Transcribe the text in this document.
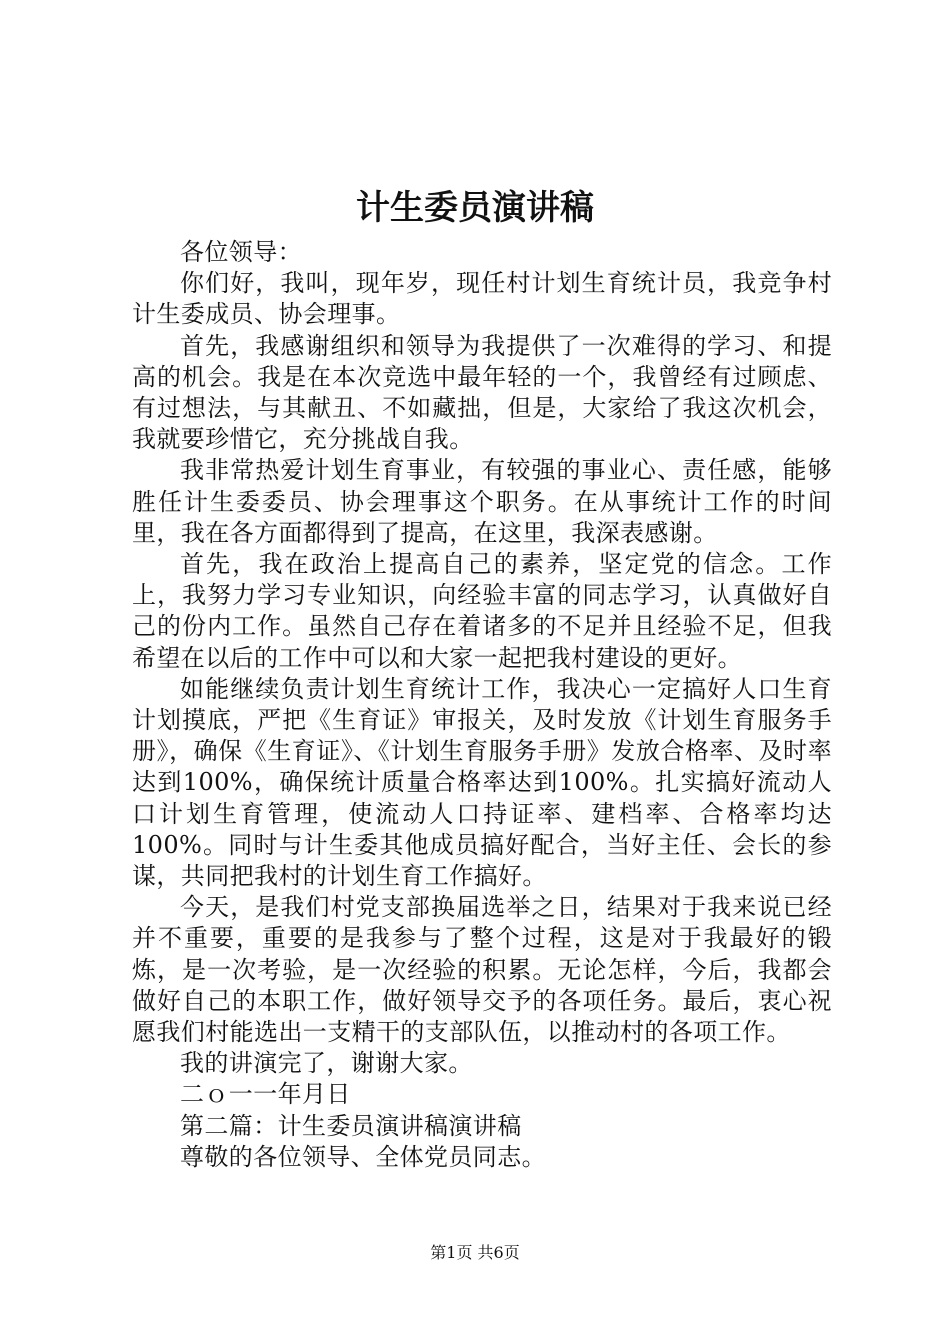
计生委员演讲稿

各位领导：

你们好，我叫，现年岁，现任村计划生育统计员，我竞争村计生委成员、协会理事。

首先，我感谢组织和领导为我提供了一次难得的学习、和提高的机会。我是在本次竞选中最年轻的一个，我曾经有过顾虑、有过想法，与其献丑、不如藏拙，但是，大家给了我这次机会，我就要珍惜它，充分挑战自我。

我非常热爱计划生育事业，有较强的事业心、责任感，能够胜任计生委委员、协会理事这个职务。在从事统计工作的时间里，我在各方面都得到了提高，在这里，我深表感谢。

首先，我在政治上提高自己的素养，坚定党的信念。工作上，我努力学习专业知识，向经验丰富的同志学习，认真做好自己的份内工作。虽然自己存在着诸多的不足并且经验不足，但我希望在以后的工作中可以和大家一起把我村建设的更好。

如能继续负责计划生育统计工作，我决心一定搞好人口生育计划摸底，严把《生育证》审报关，及时发放《计划生育服务手册》，确保《生育证》、《计划生育服务手册》发放合格率、及时率达到100%，确保统计质量合格率达到100%。扎实搞好流动人口计划生育管理，使流动人口持证率、建档率、合格率均达100%。同时与计生委其他成员搞好配合，当好主任、会长的参谋，共同把我村的计划生育工作搞好。

今天，是我们村党支部换届选举之日，结果对于我来说已经并不重要，重要的是我参与了整个过程，这是对于我最好的锻炼，是一次考验，是一次经验的积累。无论怎样，今后，我都会做好自己的本职工作，做好领导交予的各项任务。最后，衷心祝愿我们村能选出一支精干的支部队伍，以推动村的各项工作。

我的讲演完了，谢谢大家。

二ｏ一一年月日

第二篇：计生委员演讲稿演讲稿

尊敬的各位领导、全体党员同志。

第1页 共6页
